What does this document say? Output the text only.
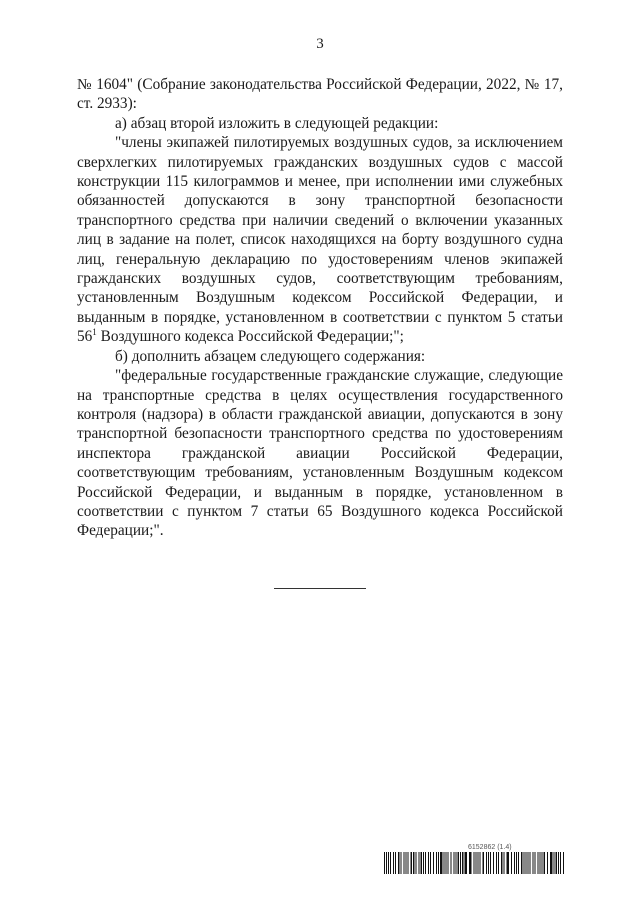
3

№ 1604" (Собрание законодательства Российской Федерации, 2022, № 17, ст. 2933):

а) абзац второй изложить в следующей редакции:

"члены экипажей пилотируемых воздушных судов, за исключением сверхлегких пилотируемых гражданских воздушных судов с массой конструкции 115 килограммов и менее, при исполнении ими служебных обязанностей допускаются в зону транспортной безопасности транспортного средства при наличии сведений о включении указанных лиц в задание на полет, список находящихся на борту воздушного судна лиц, генеральную декларацию по удостоверениям членов экипажей гражданских воздушных судов, соответствующим требованиям, установленным Воздушным кодексом Российской Федерации, и выданным в порядке, установленном в соответствии с пунктом 5 статьи 56$^1$ Воздушного кодекса Российской Федерации;";

б) дополнить абзацем следующего содержания:

"федеральные государственные гражданские служащие, следующие на транспортные средства в целях осуществления государственного контроля (надзора) в области гражданской авиации, допускаются в зону транспортной безопасности транспортного средства по удостоверениям инспектора гражданской авиации Российской Федерации, соответствующим требованиям, установленным Воздушным кодексом Российской Федерации, и выданным в порядке, установленном в соответствии с пунктом 7 статьи 65 Воздушного кодекса Российской Федерации;".

6152862 (1.4)
